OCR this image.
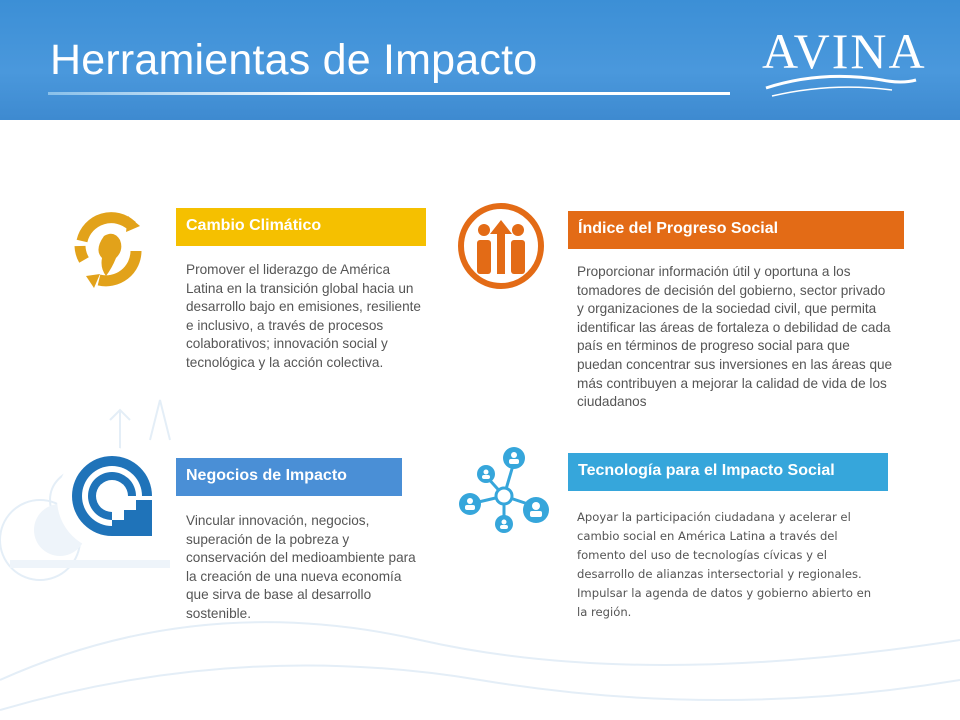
Herramientas de Impacto	AVINA
Cambio Climático
Promover el liderazgo de América Latina en la transición global hacia un desarrollo bajo en emisiones, resiliente e inclusivo, a través de procesos colaborativos; innovación social y tecnológica y la acción colectiva.
Índice del Progreso Social
Proporcionar información útil y oportuna a los tomadores de decisión del gobierno, sector privado y organizaciones de la sociedad civil, que permita identificar las áreas de fortaleza o debilidad de cada país en términos de progreso social para que puedan concentrar sus inversiones en las áreas que más contribuyen a mejorar la calidad de vida de los ciudadanos
Negocios de Impacto
Vincular innovación, negocios, superación de la pobreza y conservación del medioambiente para la creación de una nueva economía que sirva de base al desarrollo sostenible.
Tecnología para el Impacto Social
Apoyar la participación ciudadana y acelerar el cambio social en América Latina a través del fomento del uso de tecnologías cívicas y el desarrollo de alianzas intersectorial y regionales. Impulsar la agenda de datos y gobierno abierto en la región.
